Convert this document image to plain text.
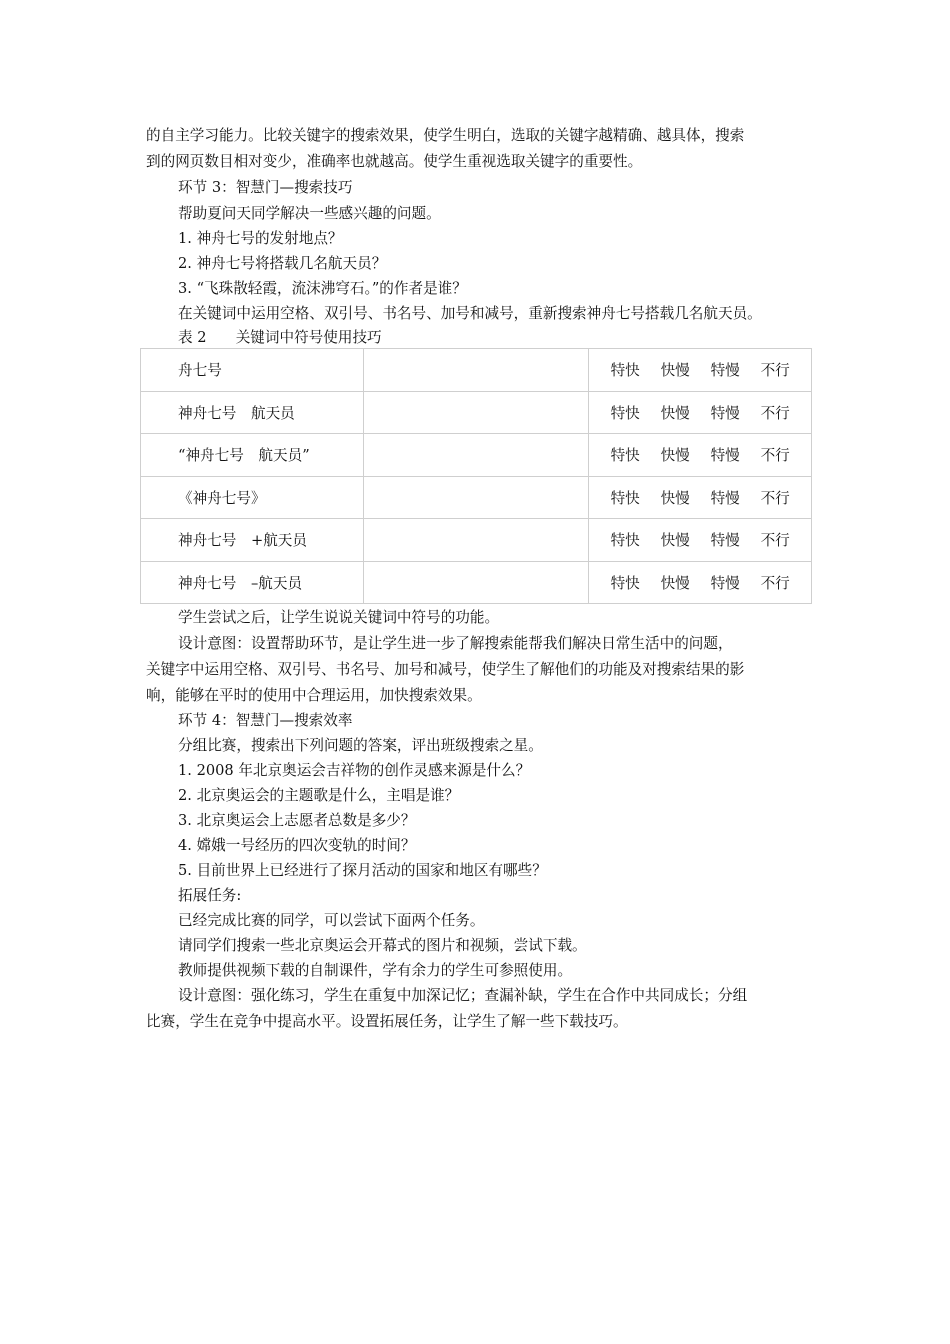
的自主学习能力。比较关键字的搜索效果，使学生明白，选取的关键字越精确、越具体，搜索
到的网页数目相对变少，准确率也就越高。使学生重视选取关键字的重要性。
环节 3：智慧门—搜索技巧
帮助夏问天同学解决一些感兴趣的问题。
1. 神舟七号的发射地点？
2. 神舟七号将搭载几名航天员？
3. “飞珠散轻霞，流沫沸穹石。”的作者是谁？
在关键词中运用空格、双引号、书名号、加号和减号，重新搜索神舟七号搭载几名航天员。
表 2　　关键词中符号使用技巧
舟七号		特快 快慢 特慢 不行
神舟七号　航天员		特快 快慢 特慢 不行
“神舟七号　航天员”		特快 快慢 特慢 不行
《神舟七号》		特快 快慢 特慢 不行
神舟七号　+航天员		特快 快慢 特慢 不行
神舟七号　–航天员		特快 快慢 特慢 不行
学生尝试之后，让学生说说关键词中符号的功能。
设计意图：设置帮助环节，是让学生进一步了解搜索能帮我们解决日常生活中的问题，
关键字中运用空格、双引号、书名号、加号和减号，使学生了解他们的功能及对搜索结果的影
响，能够在平时的使用中合理运用，加快搜索效果。
环节 4：智慧门—搜索效率
分组比赛，搜索出下列问题的答案，评出班级搜索之星。
1. 2008 年北京奥运会吉祥物的创作灵感来源是什么？
2. 北京奥运会的主题歌是什么，主唱是谁？
3. 北京奥运会上志愿者总数是多少？
4. 嫦娥一号经历的四次变轨的时间？
5. 目前世界上已经进行了探月活动的国家和地区有哪些？
拓展任务:
已经完成比赛的同学，可以尝试下面两个任务。
请同学们搜索一些北京奥运会开幕式的图片和视频，尝试下载。
教师提供视频下载的自制课件，学有余力的学生可参照使用。
设计意图：强化练习，学生在重复中加深记忆；查漏补缺，学生在合作中共同成长；分组
比赛，学生在竞争中提高水平。设置拓展任务，让学生了解一些下载技巧。
